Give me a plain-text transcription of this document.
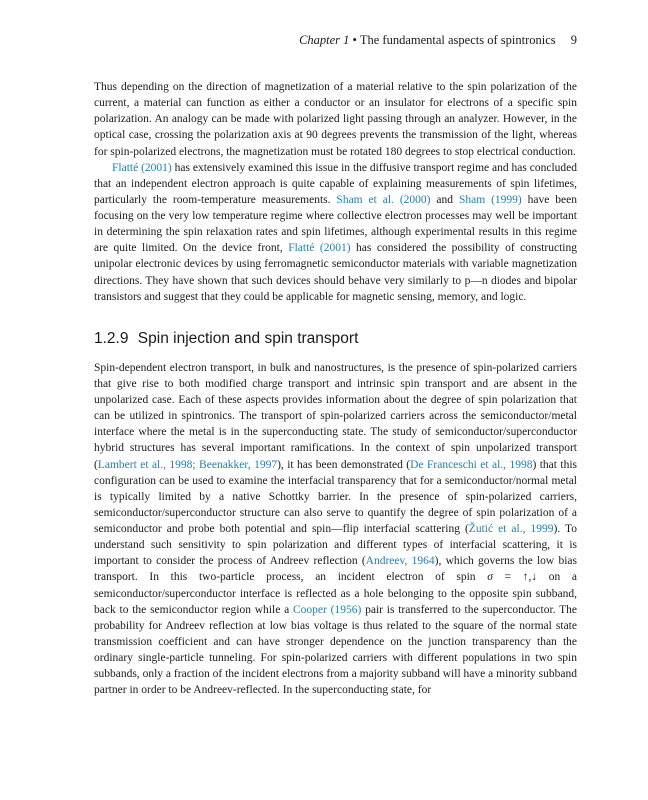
Chapter 1 • The fundamental aspects of spintronics 9

Thus depending on the direction of magnetization of a material relative to the spin polarization of the current, a material can function as either a conductor or an insulator for electrons of a specific spin polarization. An analogy can be made with polarized light passing through an analyzer. However, in the optical case, crossing the polarization axis at 90 degrees prevents the transmission of the light, whereas for spin-polarized electrons, the magnetization must be rotated 180 degrees to stop electrical conduction.

Flatté (2001) has extensively examined this issue in the diffusive transport regime and has concluded that an independent electron approach is quite capable of explaining measurements of spin lifetimes, particularly the room-temperature measurements. Sham et al. (2000) and Sham (1999) have been focusing on the very low temperature regime where collective electron processes may well be important in determining the spin relaxation rates and spin lifetimes, although experimental results in this regime are quite limited. On the device front, Flatté (2001) has considered the possibility of constructing unipolar electronic devices by using ferromagnetic semiconductor materials with variable magnetization directions. They have shown that such devices should behave very similarly to p—n diodes and bipolar transistors and suggest that they could be applicable for magnetic sensing, memory, and logic.

1.2.9 Spin injection and spin transport

Spin-dependent electron transport, in bulk and nanostructures, is the presence of spin-polarized carriers that give rise to both modified charge transport and intrinsic spin transport and are absent in the unpolarized case. Each of these aspects provides information about the degree of spin polarization that can be utilized in spintronics. The transport of spin-polarized carriers across the semiconductor/metal interface where the metal is in the superconducting state. The study of semiconductor/superconductor hybrid structures has several important ramifications. In the context of spin unpolarized transport (Lambert et al., 1998; Beenakker, 1997), it has been demonstrated (De Franceschi et al., 1998) that this configuration can be used to examine the interfacial transparency that for a semiconductor/normal metal is typically limited by a native Schottky barrier. In the presence of spin-polarized carriers, semiconductor/superconductor structure can also serve to quantify the degree of spin polarization of a semiconductor and probe both potential and spin—flip interfacial scattering (Žutić et al., 1999). To understand such sensitivity to spin polarization and different types of interfacial scattering, it is important to consider the process of Andreev reflection (Andreev, 1964), which governs the low bias transport. In this two-particle process, an incident electron of spin σ = ↑,↓ on a semiconductor/superconductor interface is reflected as a hole belonging to the opposite spin subband, back to the semiconductor region while a Cooper (1956) pair is transferred to the superconductor. The probability for Andreev reflection at low bias voltage is thus related to the square of the normal state transmission coefficient and can have stronger dependence on the junction transparency than the ordinary single-particle tunneling. For spin-polarized carriers with different populations in two spin subbands, only a fraction of the incident electrons from a majority subband will have a minority subband partner in order to be Andreev-reflected. In the superconducting state, for
